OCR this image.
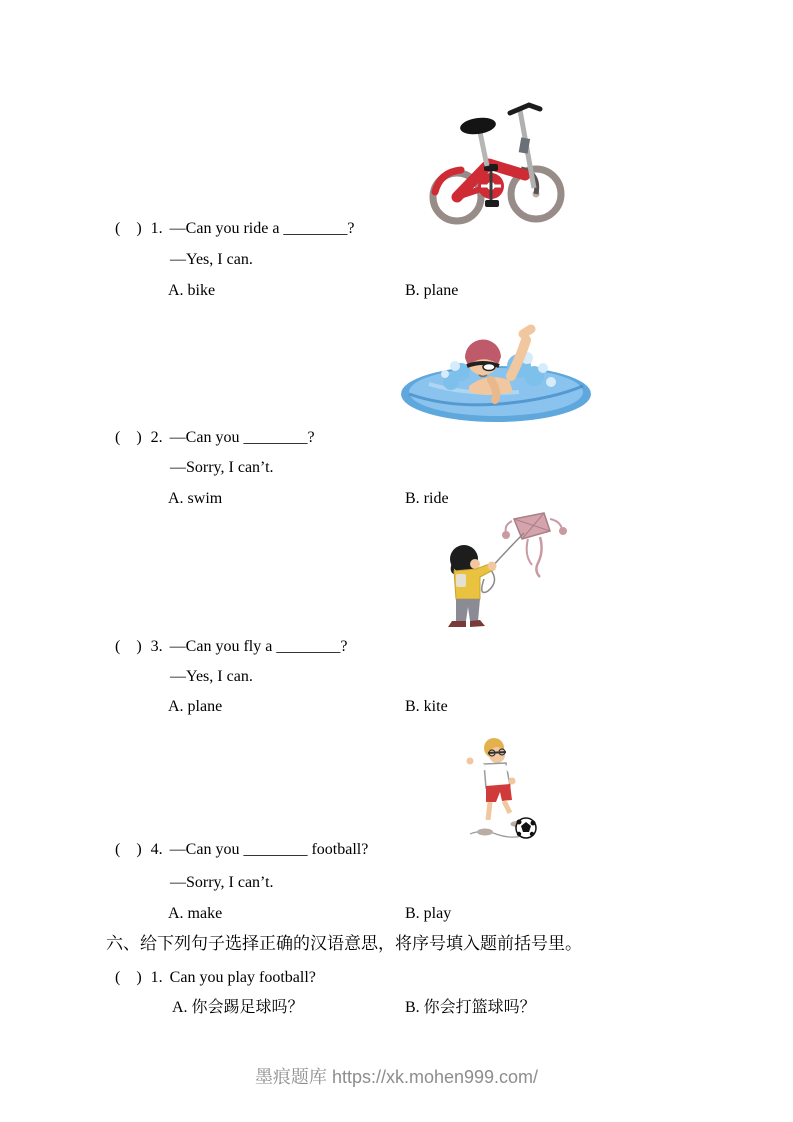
(　) 1. —Can you ride a ________?
—Yes, I can.
A. bike	B. plane
(　) 2. —Can you ________?
—Sorry, I can’t.
A. swim	B. ride
(　) 3. —Can you fly a ________?
—Yes, I can.
A. plane	B. kite
(　) 4. —Can you ________ football?
—Sorry, I can’t.
A. make	B. play
六、给下列句子选择正确的汉语意思，将序号填入题前括号里。
(　) 1. Can you play football?
A. 你会踢足球吗？	B. 你会打篮球吗？
墨痕题库 https://xk.mohen999.com/
